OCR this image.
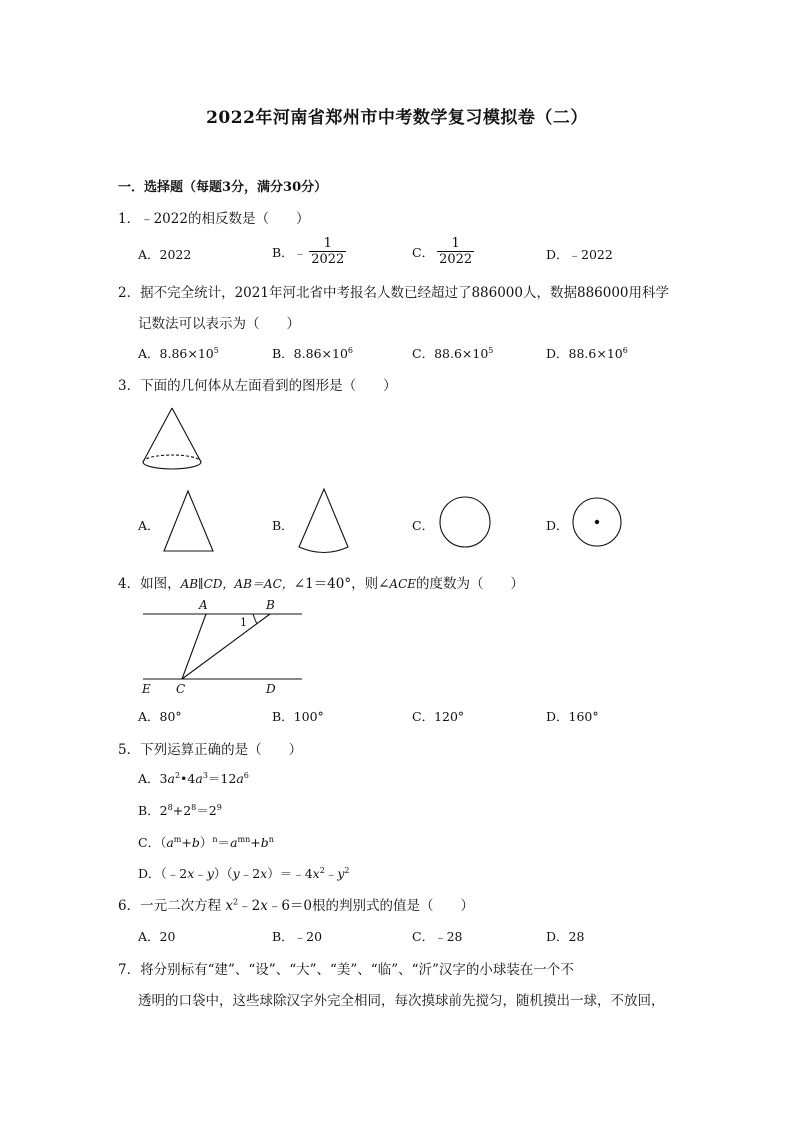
2022年河南省郑州市中考数学复习模拟卷（二）
一．选择题（每题3分，满分30分）
1．﹣2022的相反数是（　　）
A．2022	B．﹣ $\frac{1}{2022}$	C． $\frac{1}{2022}$	D．﹣2022
2．据不完全统计，2021年河北省中考报名人数已经超过了886000人，数据886000用科学
记数法可以表示为（　　）
A．$8.86\times 10^5$	B．$8.86\times 10^6$	C．$88.6\times 10^5$	D．$88.6\times 10^6$
3．下面的几何体从左面看到的图形是（　　）
A．	B．	C．	D．
4．如图，AB∥CD，AB＝AC，∠1＝40°，则∠ACE的度数为（　　）
A	B
1
E C	D
A．80°	B．100°	C．120°	D．160°
5．下列运算正确的是（　　）
A．$3a^2•4a^3=12a^6$
B．$2^8+2^8=2^9$
C．$(a^m+b)^n=a^{mn}+b^n$
D．$(﹣2x﹣y)(y﹣2x)=﹣4x^2﹣y^2$
6．一元二次方程 $x^2﹣2x﹣6=0$根的判别式的值是（　　）
A．20	B．﹣20	C．﹣28	D．28
7．将分别标有“建”、“设”、“大”、“美”、“临”、“沂”汉字的小球装在一个不
透明的口袋中，这些球除汉字外完全相同，每次摸球前先搅匀，随机摸出一球，不放回，
